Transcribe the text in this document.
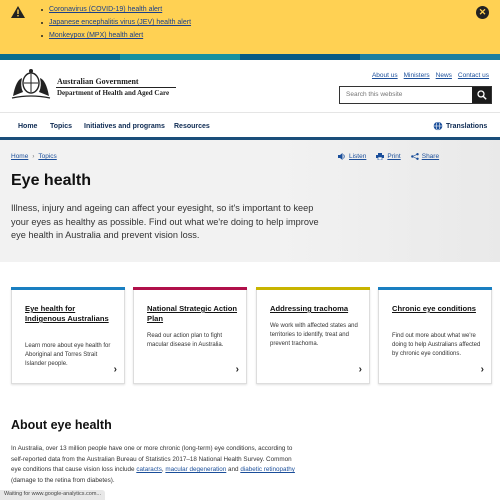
Coronavirus (COVID-19) health alert
Japanese encephalitis virus (JEV) health alert
Monkeypox (MPX) health alert
✕
Australian Government
Department of Health and Aged Care
About us Ministers News Contact us
Search this website
Home Topics Initiatives and programs Resources	Translations
Home › Topics	Listen	Print	Share
Eye health

Illness, injury and ageing can affect your eyesight, so it's important to keep your eyes as healthy as possible. Find out what we're doing to help improve eye health in Australia and prevent vision loss.

Eye health for Indigenous Australians
Learn more about eye health for Aboriginal and Torres Strait Islander people.	›
National Strategic Action Plan
Read our action plan to fight macular disease in Australia.
›
Addressing trachoma
We work with affected states and territories to identify, treat and prevent trachoma.
›
Chronic eye conditions
Find out more about what we're doing to help Australians affected by chronic eye conditions.
›
About eye health

In Australia, over 13 million people have one or more chronic (long-term) eye conditions, according to self-reported data from the Australian Bureau of Statistics 2017–18 National Health Survey. Common eye conditions that cause vision loss include cataracts, macular degeneration and diabetic retinopathy (damage to the retina from diabetes).

Waiting for www.google-analytics.com...
